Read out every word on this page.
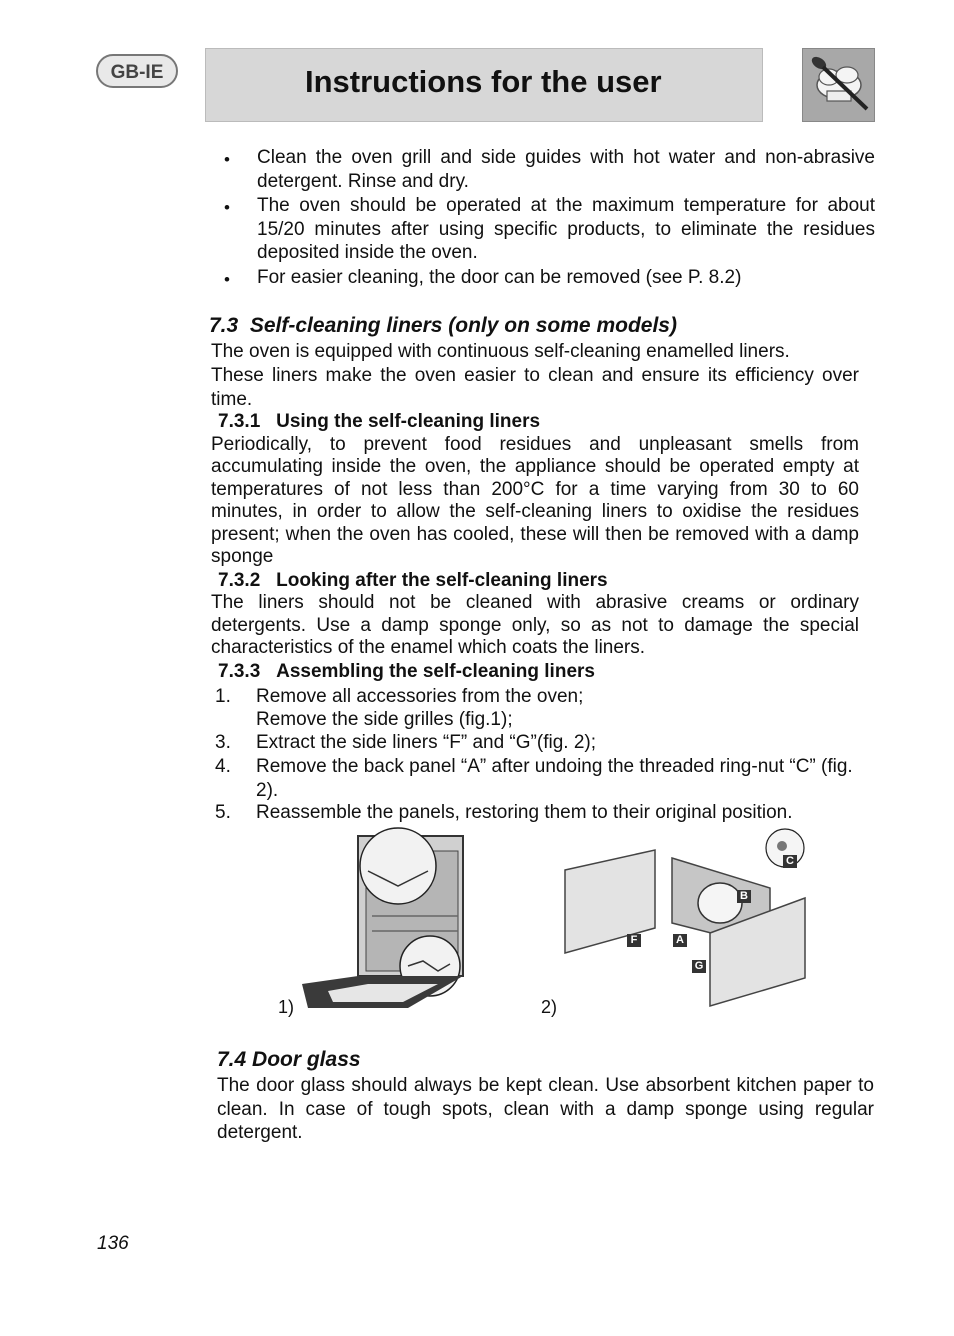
GB-IE	Instructions for the user
• Clean the oven grill and side guides with hot water and non-abrasive detergent. Rinse and dry.
• The oven should be operated at the maximum temperature for about 15/20 minutes after using specific products, to eliminate the residues deposited inside the oven.
• For easier cleaning, the door can be removed (see P. 8.2)
7.3 Self-cleaning liners (only on some models)
The oven is equipped with continuous self-cleaning enamelled liners.
These liners make the oven easier to clean and ensure its efficiency over time.
7.3.1 Using the self-cleaning liners
Periodically, to prevent food residues and unpleasant smells from accumulating inside the oven, the appliance should be operated empty at temperatures of not less than 200°C for a time varying from 30 to 60 minutes, in order to allow the self-cleaning liners to oxidise the residues present; when the oven has cooled, these will then be removed with a damp sponge
7.3.2 Looking after the self-cleaning liners
The liners should not be cleaned with abrasive creams or ordinary detergents. Use a damp sponge only, so as not to damage the special characteristics of the enamel which coats the liners.
7.3.3 Assembling the self-cleaning liners
1. Remove all accessories from the oven;
Remove the side grilles (fig.1);
3. Extract the side liners “F” and “G”(fig. 2);
4. Remove the back panel “A” after undoing the threaded ring-nut “C” (fig. 2).
5. Reassemble the panels, restoring them to their original position.
1)
F	A
G
B
C
2)
7.4 Door glass
The door glass should always be kept clean. Use absorbent kitchen paper to clean. In case of tough spots, clean with a damp sponge using regular detergent.
136
